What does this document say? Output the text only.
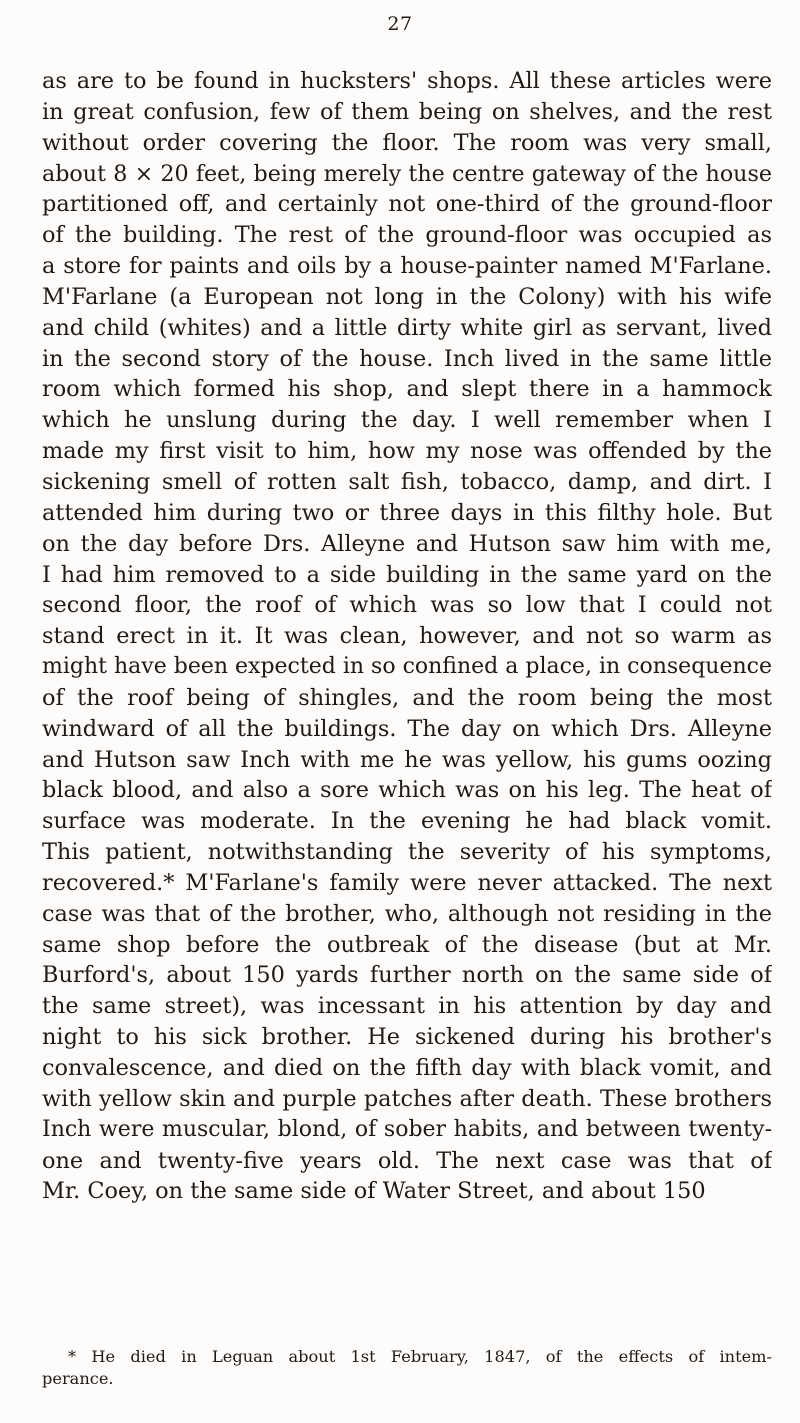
27
as are to be found in hucksters' shops. All these articles were
in great confusion, few of them being on shelves, and the rest
without order covering the floor. The room was very small,
about 8 × 20 feet, being merely the centre gateway of the house
partitioned off, and certainly not one-third of the ground-floor
of the building. The rest of the ground-floor was occupied as
a store for paints and oils by a house-painter named M'Farlane.
M'Farlane (a European not long in the Colony) with his wife
and child (whites) and a little dirty white girl as servant, lived
in the second story of the house. Inch lived in the same little
room which formed his shop, and slept there in a hammock
which he unslung during the day. I well remember when I
made my first visit to him, how my nose was offended by the
sickening smell of rotten salt fish, tobacco, damp, and dirt. I
attended him during two or three days in this filthy hole. But
on the day before Drs. Alleyne and Hutson saw him with me,
I had him removed to a side building in the same yard on the
second floor, the roof of which was so low that I could not
stand erect in it. It was clean, however, and not so warm as
might have been expected in so confined a place, in consequence
of the roof being of shingles, and the room being the most
windward of all the buildings. The day on which Drs. Alleyne
and Hutson saw Inch with me he was yellow, his gums oozing
black blood, and also a sore which was on his leg. The heat of
surface was moderate. In the evening he had black vomit.
This patient, notwithstanding the severity of his symptoms,
recovered.* M'Farlane's family were never attacked. The next
case was that of the brother, who, although not residing in the
same shop before the outbreak of the disease (but at Mr.
Burford's, about 150 yards further north on the same side of
the same street), was incessant in his attention by day and
night to his sick brother. He sickened during his brother's
convalescence, and died on the fifth day with black vomit, and
with yellow skin and purple patches after death. These brothers
Inch were muscular, blond, of sober habits, and between twenty-
one and twenty-five years old. The next case was that of
Mr. Coey, on the same side of Water Street, and about 150
* He died in Leguan about 1st February, 1847, of the effects of intem-
perance.
